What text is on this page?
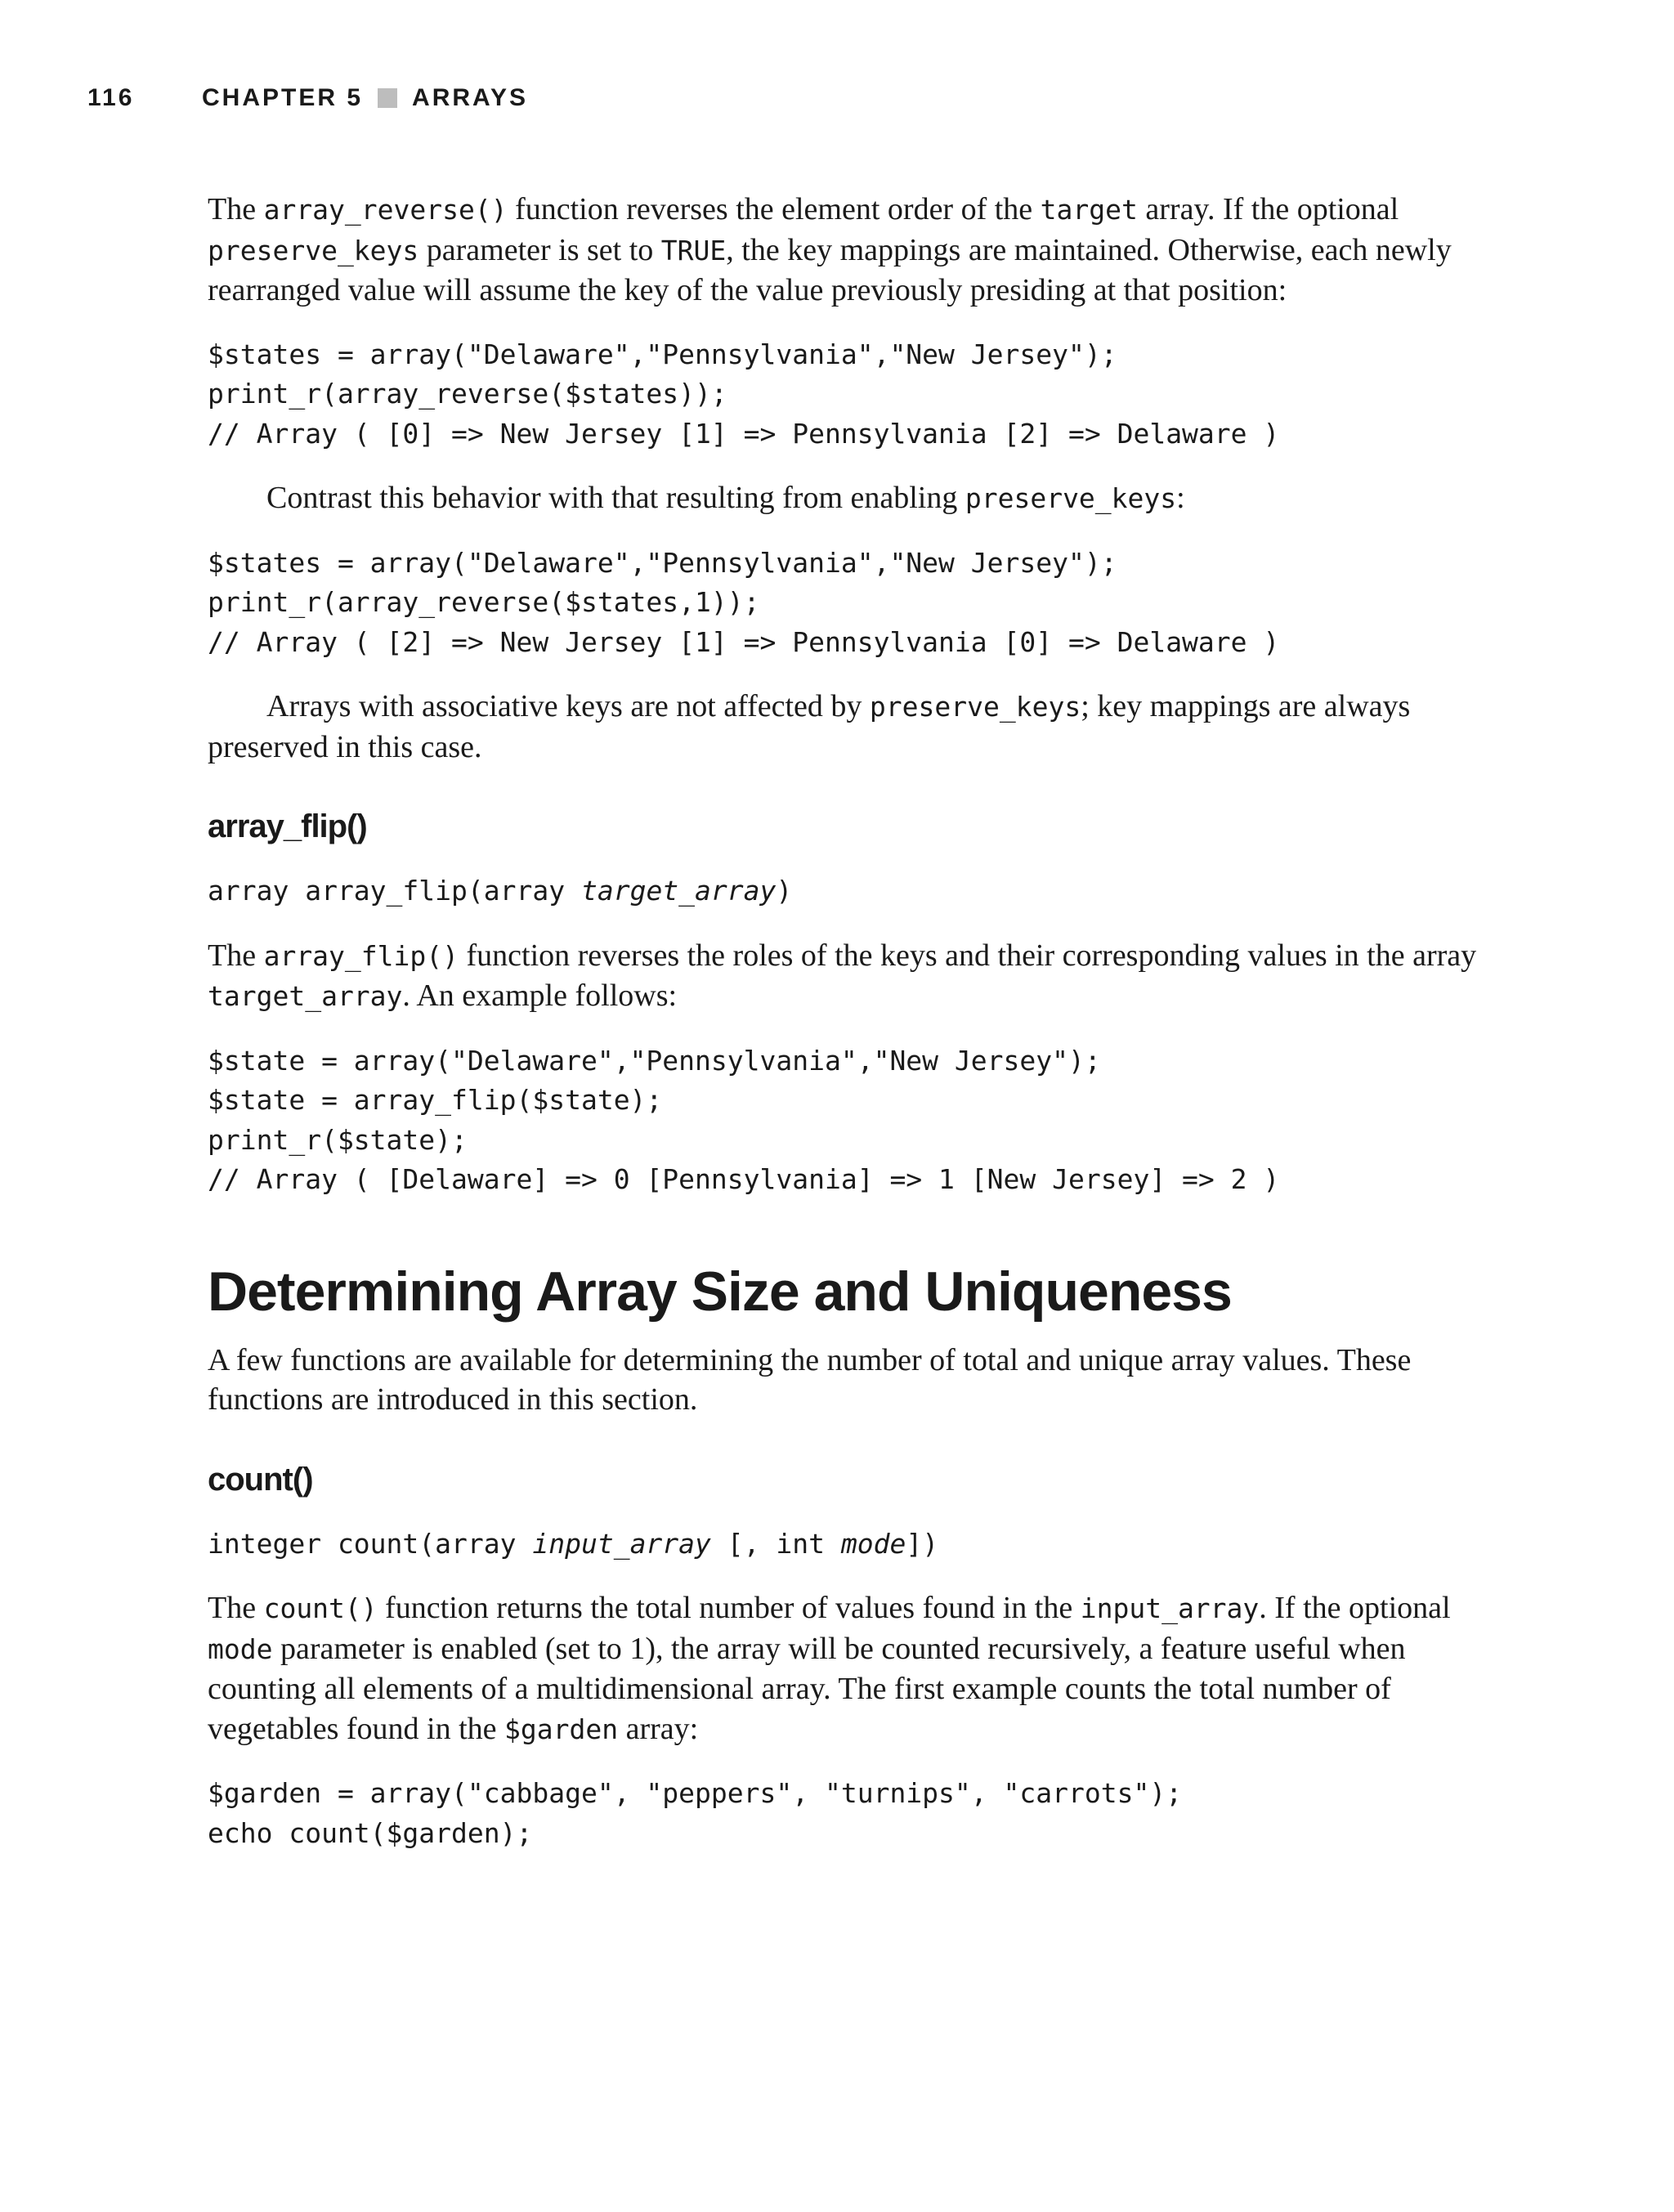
116	CHAPTER 5 ARRAYS

The array_reverse() function reverses the element order of the target array. If the optional preserve_keys parameter is set to TRUE, the key mappings are maintained. Otherwise, each newly rearranged value will assume the key of the value previously presiding at that position:

$states = array("Delaware","Pennsylvania","New Jersey");
print_r(array_reverse($states));
// Array ( [0] => New Jersey [1] => Pennsylvania [2] => Delaware )

Contrast this behavior with that resulting from enabling preserve_keys:

$states = array("Delaware","Pennsylvania","New Jersey");
print_r(array_reverse($states,1));
// Array ( [2] => New Jersey [1] => Pennsylvania [0] => Delaware )

Arrays with associative keys are not affected by preserve_keys; key mappings are always preserved in this case.

array_flip()
array array_flip(array target_array)

The array_flip() function reverses the roles of the keys and their corresponding values in the array target_array. An example follows:

$state = array("Delaware","Pennsylvania","New Jersey");
$state = array_flip($state);
print_r($state);
// Array ( [Delaware] => 0 [Pennsylvania] => 1 [New Jersey] => 2 )
Determining Array Size and Uniqueness

A few functions are available for determining the number of total and unique array values. These functions are introduced in this section.

count()
integer count(array input_array [, int mode])

The count() function returns the total number of values found in the input_array. If the optional mode parameter is enabled (set to 1), the array will be counted recursively, a feature useful when counting all elements of a multidimensional array. The first example counts the total number of vegetables found in the $garden array:

$garden = array("cabbage", "peppers", "turnips", "carrots");
echo count($garden);
